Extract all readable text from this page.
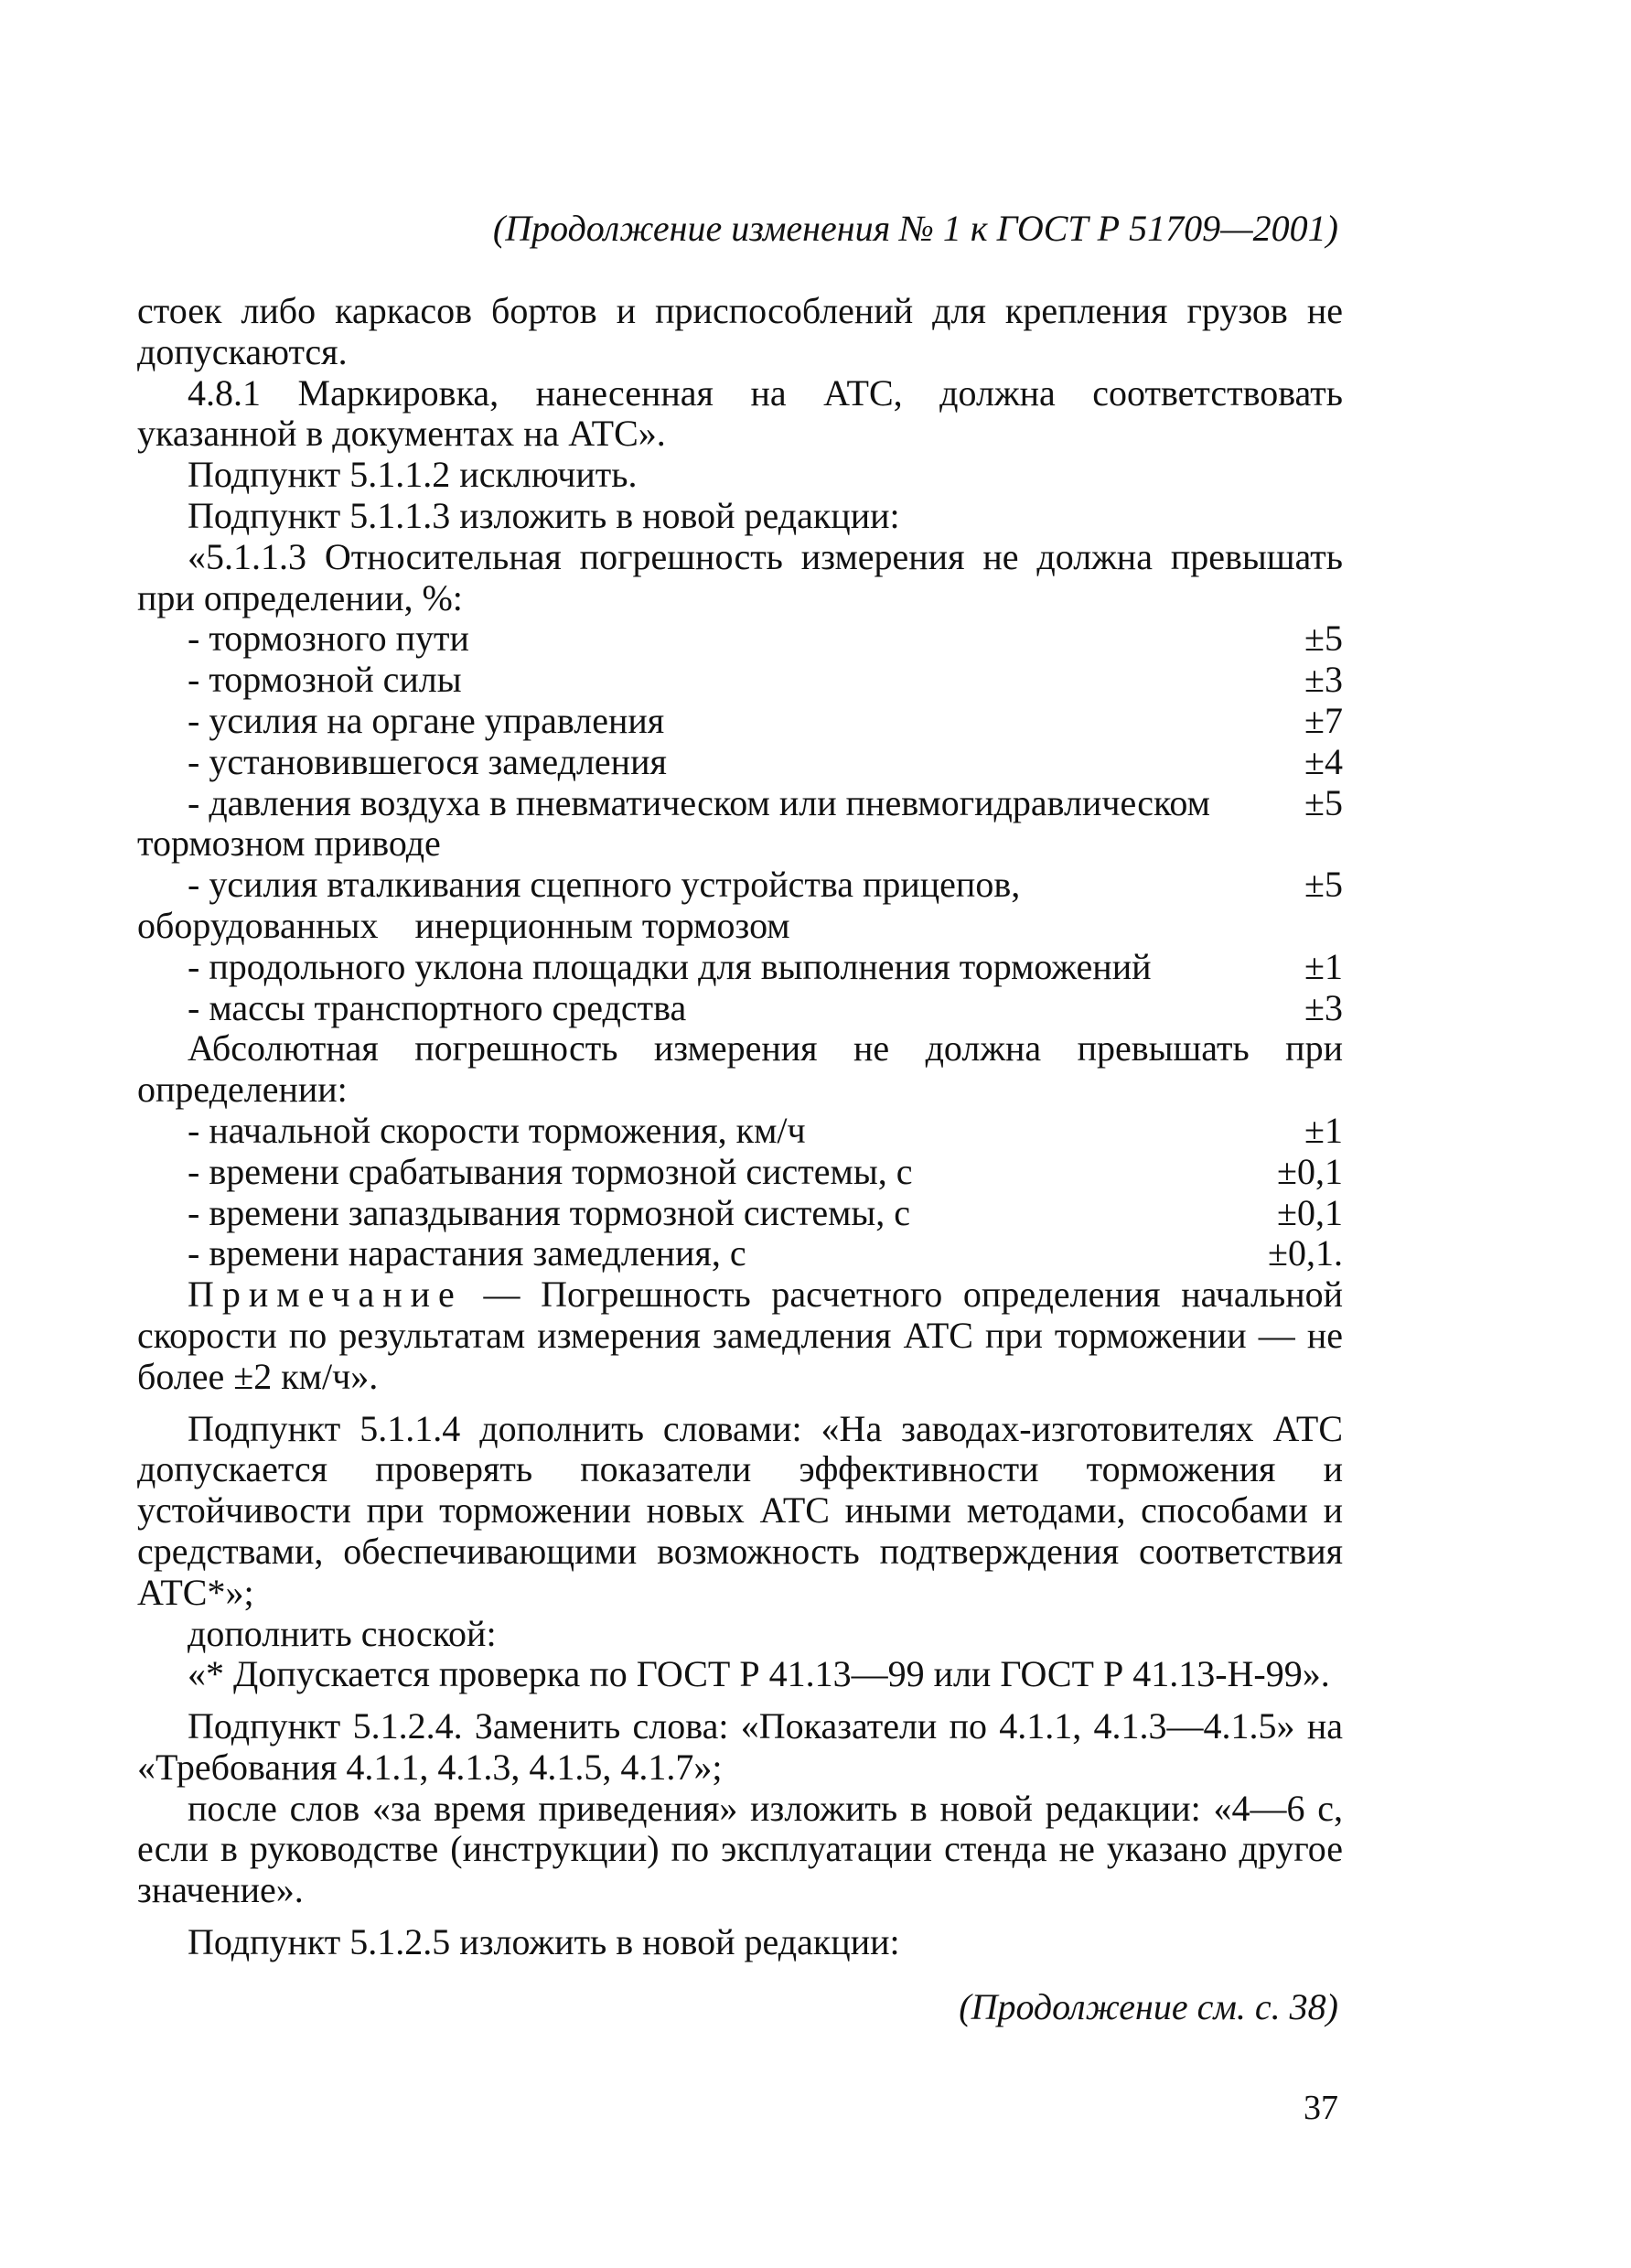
(Продолжение изменения № 1 к ГОСТ Р 51709—2001)

стоек либо каркасов бортов и приспособлений для крепления грузов не допускаются.

4.8.1 Маркировка, нанесенная на АТС, должна соответствовать указанной в документах на АТС».

Подпункт 5.1.1.2 исключить.

Подпункт 5.1.1.3 изложить в новой редакции:

«5.1.1.3 Относительная погрешность измерения не должна превышать при определении, %:

- тормозного пути	±5
- тормозной силы	±3
- усилия на органе управления	±7
- установившегося замедления	±4
- давления воздуха в пневматическом или пневмогидравлическом	±5
тормозном приводе
- усилия вталкивания сцепного устройства прицепов,	±5
оборудованных    инерционным тормозом
- продольного уклона площадки для выполнения торможений	±1
- массы транспортного средства	±3

Абсолютная погрешность измерения не должна превышать при определении:

- начальной скорости торможения, км/ч	±1
- времени срабатывания тормозной системы, с	±0,1
- времени запаздывания тормозной системы, с	±0,1
- времени нарастания замедления, с	±0,1.

Примечание — Погрешность расчетного определения начальной скорости по результатам измерения замедления АТС при торможении — не более ±2 км/ч».

Подпункт 5.1.1.4 дополнить словами: «На заводах-изготовителях АТС допускается проверять показатели эффективности торможения и устойчивости при торможении новых АТС иными методами, способами и средствами, обеспечивающими возможность подтверждения соответствия АТС*»;

дополнить сноской:

«* Допускается проверка по ГОСТ Р 41.13—99 или ГОСТ Р 41.13-Н-99».

Подпункт 5.1.2.4. Заменить слова: «Показатели по 4.1.1, 4.1.3—4.1.5» на «Требования 4.1.1, 4.1.3, 4.1.5, 4.1.7»;

после слов «за время приведения» изложить в новой редакции: «4—6 с, если в руководстве (инструкции) по эксплуатации стенда не указано другое значение».

Подпункт 5.1.2.5 изложить в новой редакции:

(Продолжение см. с. 38)
37
